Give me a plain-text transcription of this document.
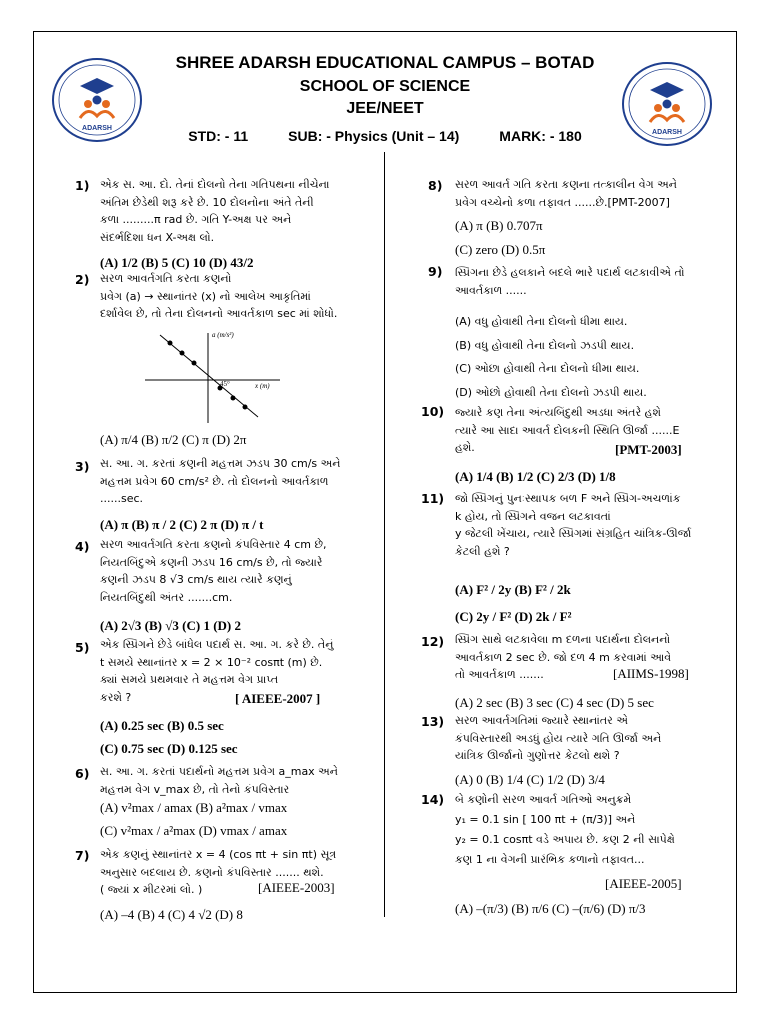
ADARSH
ADARSH
SHREE ADARSH EDUCATIONAL CAMPUS – BOTAD
SCHOOL OF SCIENCE
JEE/NEET
STD: - 11	SUB: - Physics (Unit – 14)	MARK: - 180
1) એક સ. આ. દો. તેનાં દોલનો તેના ગતિપથના નીચેના
અંતિમ છેડેથી શરૂ કરે છે. 10 દોલનોના અંતે તેની
કળા .........π rad છે. ગતિ Y-અક્ષ પર અને
સંદર્ભદિશા ધન X-અક્ષ લો.
(A) 1/2 (B) 5 (C) 10 (D) 43/2
2) સરળ આવર્તગતિ કરતા કણનો
પ્રવેગ (a) → સ્થાનાંતર (x) નો આલેખ આકૃતિમાં
દર્શાવેલ છે, તો તેના દોલનનો આવર્તકાળ sec માં શોધો.
a (m/s²)
x (m)
45°
(A) π/4 (B) π/2 (C) π (D) 2π
3) સ. આ. ગ. કરતાં કણની મહત્તમ ઝડપ 30 cm/s અને
મહત્તમ પ્રવેગ 60 cm/s² છે. તો દોલનનો આવર્તકાળ
......sec.
(A) π (B) π / 2 (C) 2 π (D) π / t
4) સરળ આવર્તગતિ કરતા કણનો કંપવિસ્તાર 4 cm છે,
નિયતબિંદુએ કણની ઝડપ 16 cm/s છે, તો જ્યારે
કણની ઝડપ 8 √3 cm/s થાય ત્યારે કણનું
નિયતબિંદુથી અંતર .......cm.
(A) 2√3 (B) √3 (C) 1 (D) 2
5) એક સ્પ્રિંગને છેડે બાંધેલ પદાર્થ સ. આ. ગ. કરે છે. તેનું
t સમયે સ્થાનાંતર x = 2 × 10⁻² cosπt (m) છે.
ક્યાં સમયે પ્રથમવાર તે મહત્તમ વેગ પ્રાપ્ત
કરશે ?	[ AIEEE-2007 ]
(A) 0.25 sec (B) 0.5 sec
(C) 0.75 sec (D) 0.125 sec
6) સ. આ. ગ. કરતાં પદાર્થનો મહત્તમ પ્રવેગ a_max અને
મહત્તમ વેગ v_max છે, તો તેનો કંપવિસ્તાર
(A) v²max / amax (B) a²max / vmax
(C) v²max / a²max (D) vmax / amax
7) એક કણનું સ્થાનાંતર x = 4 (cos πt + sin πt) સૂત્ર
અનુસાર બદલાય છે. કણનો કંપવિસ્તાર ....... થશે.
( જ્યાં x મીટરમાં લો. )	[AIEEE-2003]
(A) –4 (B) 4 (C) 4 √2 (D) 8
8) સરળ આવર્ત ગતિ કરતા કણના તત્કાલીન વેગ અને
પ્રવેગ વચ્ચેનો કળા તફાવત ......છે.[PMT-2007]
(A) π (B) 0.707π
(C) zero (D) 0.5π
9) સ્પ્રિંગના છેડે હલકાને બદલે ભારે પદાર્થ લટકાવીએ તો
આવર્તકાળ ......
(A) વધુ હોવાથી તેના દોલનો ધીમા થાય.
(B) વધુ હોવાથી તેના દોલનો ઝડપી થાય.
(C) ઓછા હોવાથી તેના દોલનો ધીમા થાય.
(D) ઓછો હોવાથી તેના દોલનો ઝડપી થાય.
10) જ્યારે કણ તેના અંત્યબિંદુથી અડધા અંતરે હશે
ત્યારે આ સાદા આવર્ત દોલકની સ્થિતિ ઊર્જા ......E
હશે.	[PMT-2003]
(A) 1/4 (B) 1/2 (C) 2/3 (D) 1/8
11) જો સ્પ્રિંગનું પુનઃસ્થાપક બળ F અને સ્પ્રિંગ-અચળાંક
k હોય, તો સ્પ્રિંગને વજન લટકાવતાં
y જેટલી ખેંચાય, ત્યારે સ્પ્રિંગમાં સંગ્રહિત ચાંત્રિક-ઊર્જા
કેટલી હશે ?
(A) F² / 2y (B) F² / 2k
(C) 2y / F² (D) 2k / F²
12) સ્પ્રિંગ સાથે લટકાવેલા m દળના પદાર્થના દોલનનો
આવર્તકાળ 2 sec છે. જો દળ 4 m કરવામાં આવે
તો આવર્તકાળ .......	[AIIMS-1998]
(A) 2 sec (B) 3 sec (C) 4 sec (D) 5 sec
13) સરળ આવર્તગતિમાં જ્યારે સ્થાનાંતર એ
કંપવિસ્તારથી અડધું હોય ત્યારે ગતિ ઊર્જા અને
યાંત્રિક ઊર્જાનો ગુણોત્તર કેટલો થશે ?
(A) 0 (B) 1/4 (C) 1/2 (D) 3/4
14) બે કણોની સરળ આવર્ત ગતિઓ અનુક્રમે
y₁ = 0.1 sin [ 100 πt + (π/3)] અને
y₂ = 0.1 cosπt વડે અપાય છે. કણ 2 ની સાપેક્ષે
કણ 1 ના વેગની પ્રારંભિક કળાનો તફાવત...
[AIEEE-2005]
(A) –(π/3) (B) π/6 (C) –(π/6) (D) π/3
